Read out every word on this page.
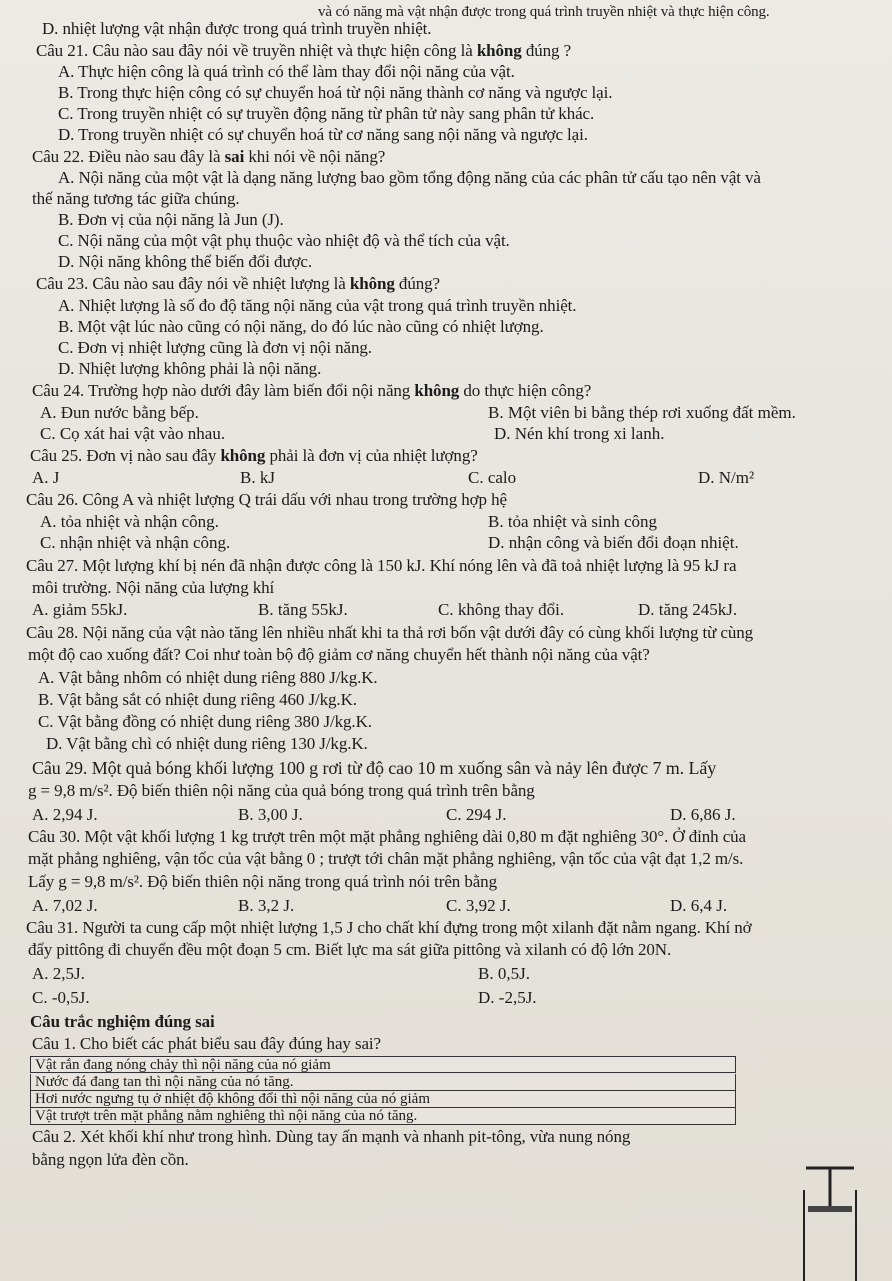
và có năng mà vật nhận được trong quá trình truyền nhiệt và thực hiện công.
D. nhiệt lượng vật nhận được trong quá trình truyền nhiệt.
Câu 21. Câu nào sau đây nói về truyền nhiệt và thực hiện công là không đúng ?
A. Thực hiện công là quá trình có thể làm thay đổi nội năng của vật.
B. Trong thực hiện công có sự chuyển hoá từ nội năng thành cơ năng và ngược lại.
C. Trong truyền nhiệt có sự truyền động năng từ phân tử này sang phân tử khác.
D. Trong truyền nhiệt có sự chuyển hoá từ cơ năng sang nội năng và ngược lại.
Câu 22. Điều nào sau đây là sai khi nói về nội năng?
A. Nội năng của một vật là dạng năng lượng bao gồm tổng động năng của các phân tử cấu tạo nên vật và
thế năng tương tác giữa chúng.
B. Đơn vị của nội năng là Jun (J).
C. Nội năng của một vật phụ thuộc vào nhiệt độ và thể tích của vật.
D. Nội năng không thể biến đổi được.
Câu 23. Câu nào sau đây nói về nhiệt lượng là không đúng?
A. Nhiệt lượng là số đo độ tăng nội năng của vật trong quá trình truyền nhiệt.
B. Một vật lúc nào cũng có nội năng, do đó lúc nào cũng có nhiệt lượng.
C. Đơn vị nhiệt lượng cũng là đơn vị nội năng.
D. Nhiệt lượng không phải là nội năng.
Câu 24. Trường hợp nào dưới đây làm biến đổi nội năng không do thực hiện công?
A. Đun nước bằng bếp.	B. Một viên bi bằng thép rơi xuống đất mềm.
C. Cọ xát hai vật vào nhau.	D. Nén khí trong xi lanh.
Câu 25. Đơn vị nào sau đây không phải là đơn vị của nhiệt lượng?
A. J	B. kJ	C. calo	D. N/m²
Câu 26. Công A và nhiệt lượng Q trái dấu với nhau trong trường hợp hệ
A. tỏa nhiệt và nhận công.	B. tỏa nhiệt và sinh công
C. nhận nhiệt và nhận công.	D. nhận công và biến đổi đoạn nhiệt.
Câu 27. Một lượng khí bị nén đã nhận được công là 150 kJ. Khí nóng lên và đã toả nhiệt lượng là 95 kJ ra
môi trường. Nội năng của lượng khí
A. giảm 55kJ.	B. tăng 55kJ.	C. không thay đổi.	D. tăng 245kJ.
Câu 28. Nội năng của vật nào tăng lên nhiều nhất khi ta thả rơi bốn vật dưới đây có cùng khối lượng từ cùng
một độ cao xuống đất? Coi như toàn bộ độ giảm cơ năng chuyển hết thành nội năng của vật?
A. Vật bằng nhôm có nhiệt dung riêng 880 J/kg.K.
B. Vật bằng sắt có nhiệt dung riêng 460 J/kg.K.
C. Vật bằng đồng có nhiệt dung riêng 380 J/kg.K.
D. Vật bằng chì có nhiệt dung riêng 130 J/kg.K.
Câu 29. Một quả bóng khối lượng 100 g rơi từ độ cao 10 m xuống sân và nảy lên được 7 m. Lấy
g = 9,8 m/s². Độ biến thiên nội năng của quả bóng trong quá trình trên bằng
A. 2,94 J.	B. 3,00 J.	C. 294 J.	D. 6,86 J.
Câu 30. Một vật khối lượng 1 kg trượt trên một mặt phẳng nghiêng dài 0,80 m đặt nghiêng 30°. Ở đỉnh của
mặt phẳng nghiêng, vận tốc của vật bằng 0 ; trượt tới chân mặt phẳng nghiêng, vận tốc của vật đạt 1,2 m/s.
Lấy g = 9,8 m/s². Độ biến thiên nội năng trong quá trình nói trên bằng
A. 7,02 J.	B. 3,2 J.	C. 3,92 J.	D. 6,4 J.
Câu 31. Người ta cung cấp một nhiệt lượng 1,5 J cho chất khí đựng trong một xilanh đặt nằm ngang. Khí nở
đẩy pittông đi chuyển đều một đoạn 5 cm. Biết lực ma sát giữa pittông và xilanh có độ lớn 20N.
A. 2,5J.	B. 0,5J.
C. -0,5J.	D. -2,5J.
Câu trắc nghiệm đúng sai
Câu 1. Cho biết các phát biểu sau đây đúng hay sai?
Vật rắn đang nóng chảy thì nội năng của nó giảm
Nước đá đang tan thì nội năng của nó tăng.
Hơi nước ngưng tụ ở nhiệt độ không đổi thì nội năng của nó giảm
Vật trượt trên mặt phẳng nằm nghiêng thì nội năng của nó tăng.
Câu 2. Xét khối khí như trong hình. Dùng tay ấn mạnh và nhanh pit-tông, vừa nung nóng
bằng ngọn lửa đèn cồn.
